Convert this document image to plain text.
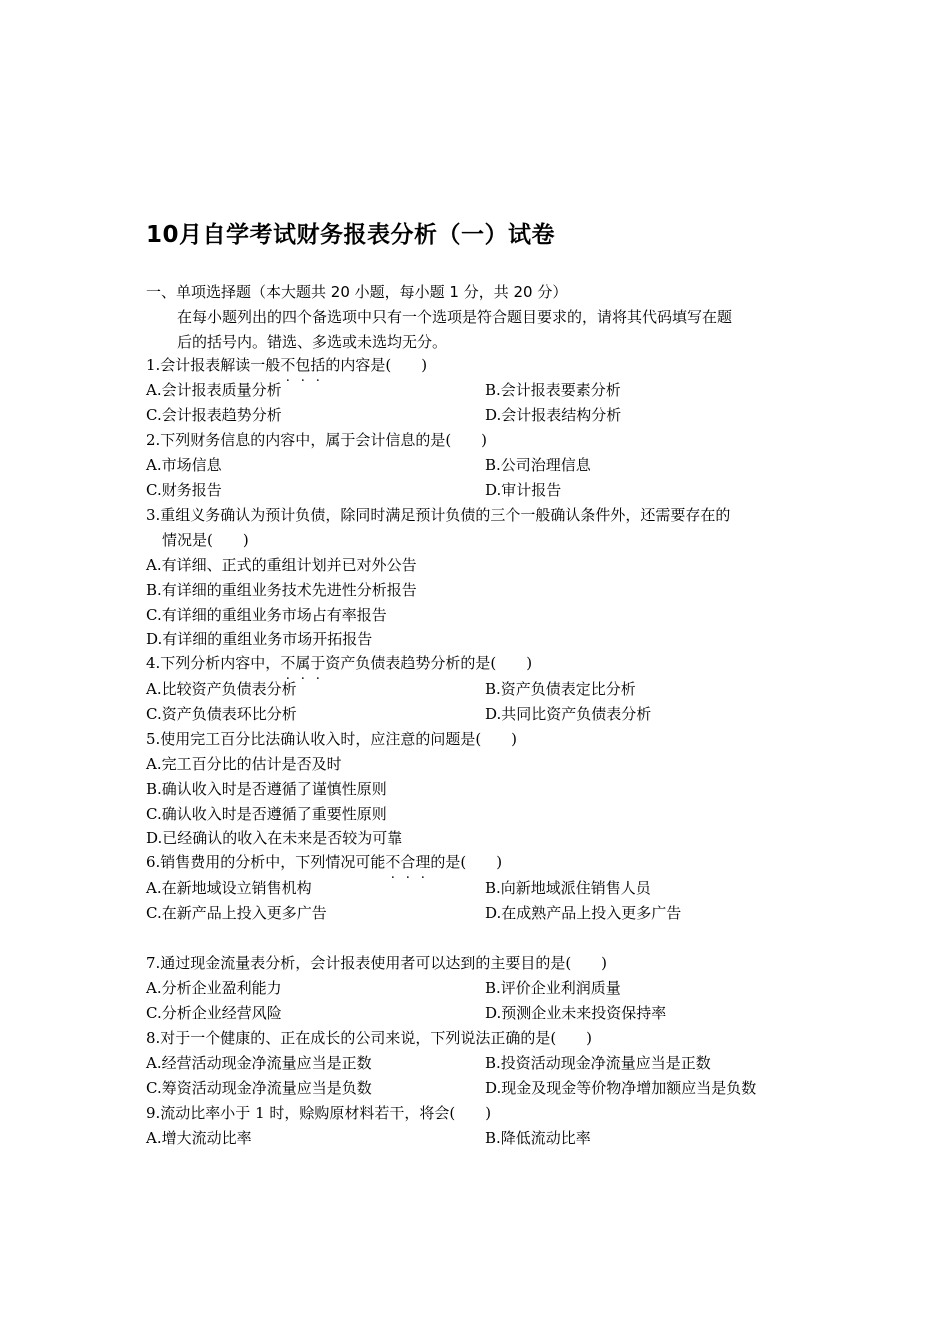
10月自学考试财务报表分析（一）试卷
一、单项选择题（本大题共 20 小题，每小题 1 分，共 20 分）
在每小题列出的四个备选项中只有一个选项是符合题目要求的，请将其代码填写在题
后的括号内。错选、多选或未选均无分。
1.会计报表解读一般不包括的内容是(　　)
A.会计报表质量分析	B.会计报表要素分析
C.会计报表趋势分析	D.会计报表结构分析
2.下列财务信息的内容中，属于会计信息的是(　　)
A.市场信息	B.公司治理信息
C.财务报告	D.审计报告
3.重组义务确认为预计负债，除同时满足预计负债的三个一般确认条件外，还需要存在的
情况是(　　)
A.有详细、正式的重组计划并已对外公告
B.有详细的重组业务技术先进性分析报告
C.有详细的重组业务市场占有率报告
D.有详细的重组业务市场开拓报告
4.下列分析内容中，不属于资产负债表趋势分析的是(　　)
A.比较资产负债表分析	B.资产负债表定比分析
C.资产负债表环比分析	D.共同比资产负债表分析
5.使用完工百分比法确认收入时，应注意的问题是(　　)
A.完工百分比的估计是否及时
B.确认收入时是否遵循了谨慎性原则
C.确认收入时是否遵循了重要性原则
D.已经确认的收入在未来是否较为可靠
6.销售费用的分析中，下列情况可能不合理的是(　　)
A.在新地域设立销售机构	B.向新地域派住销售人员
C.在新产品上投入更多广告	D.在成熟产品上投入更多广告
7.通过现金流量表分析，会计报表使用者可以达到的主要目的是(　　)
A.分析企业盈利能力	B.评价企业利润质量
C.分析企业经营风险	D.预测企业未来投资保持率
8.对于一个健康的、正在成长的公司来说，下列说法正确的是(　　)
A.经营活动现金净流量应当是正数	B.投资活动现金净流量应当是正数
C.筹资活动现金净流量应当是负数	D.现金及现金等价物净增加额应当是负数
9.流动比率小于 1 时，赊购原材料若干，将会(　　)
A.增大流动比率	B.降低流动比率
